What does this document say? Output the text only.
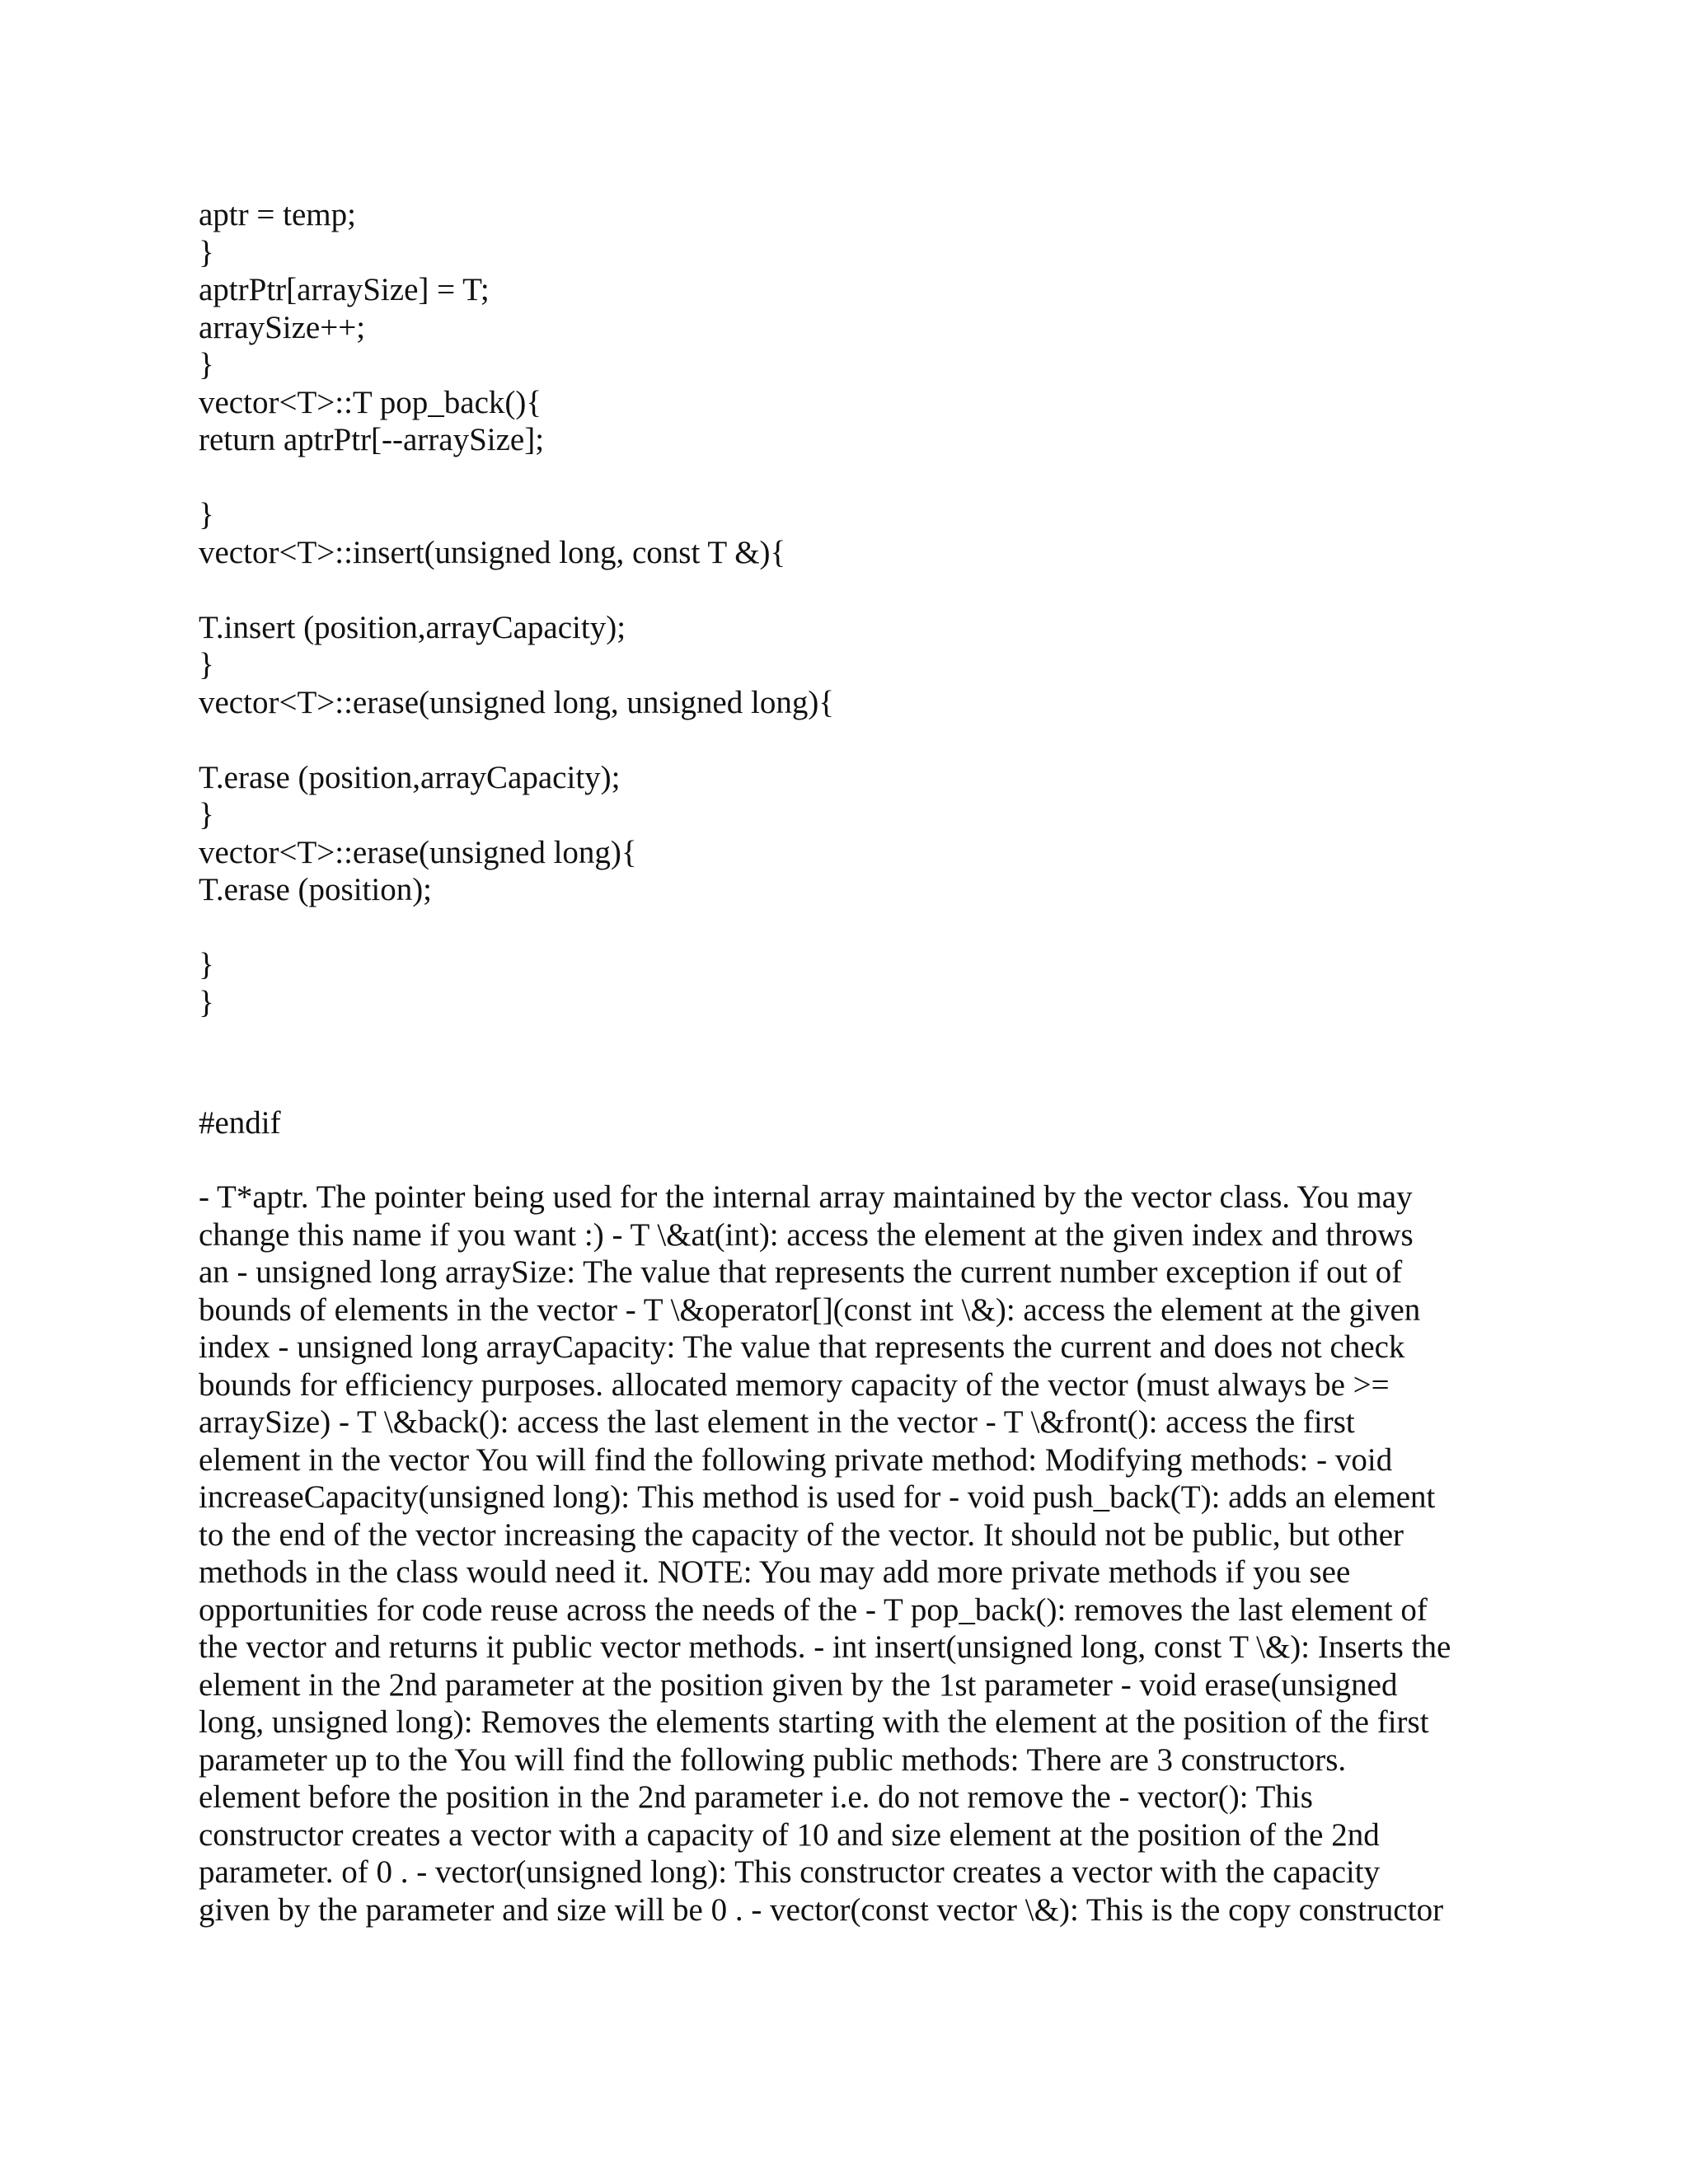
aptr = temp;
}
aptrPtr[arraySize] = T;
arraySize++;
}
vector<T>::T pop_back(){
return aptrPtr[--arraySize];
}
vector<T>::insert(unsigned long, const T &){
T.insert (position,arrayCapacity);
}
vector<T>::erase(unsigned long, unsigned long){
T.erase (position,arrayCapacity);
}
vector<T>::erase(unsigned long){
T.erase (position);
}
}
#endif
- T*aptr. The pointer being used for the internal array maintained by the vector class. You may
change this name if you want :) - T \&at(int): access the element at the given index and throws
an - unsigned long arraySize: The value that represents the current number exception if out of
bounds of elements in the vector - T \&operator[](const int \&): access the element at the given
index - unsigned long arrayCapacity: The value that represents the current and does not check
bounds for efficiency purposes. allocated memory capacity of the vector (must always be >=
arraySize) - T \&back(): access the last element in the vector - T \&front(): access the first
element in the vector You will find the following private method: Modifying methods: - void
increaseCapacity(unsigned long): This method is used for - void push_back(T): adds an element
to the end of the vector increasing the capacity of the vector. It should not be public, but other
methods in the class would need it. NOTE: You may add more private methods if you see
opportunities for code reuse across the needs of the - T pop_back(): removes the last element of
the vector and returns it public vector methods. - int insert(unsigned long, const T \&): Inserts the
element in the 2nd parameter at the position given by the 1st parameter - void erase(unsigned
long, unsigned long): Removes the elements starting with the element at the position of the first
parameter up to the You will find the following public methods: There are 3 constructors.
element before the position in the 2nd parameter i.e. do not remove the - vector(): This
constructor creates a vector with a capacity of 10 and size element at the position of the 2nd
parameter. of 0 . - vector(unsigned long): This constructor creates a vector with the capacity
given by the parameter and size will be 0 . - vector(const vector \&): This is the copy constructor
